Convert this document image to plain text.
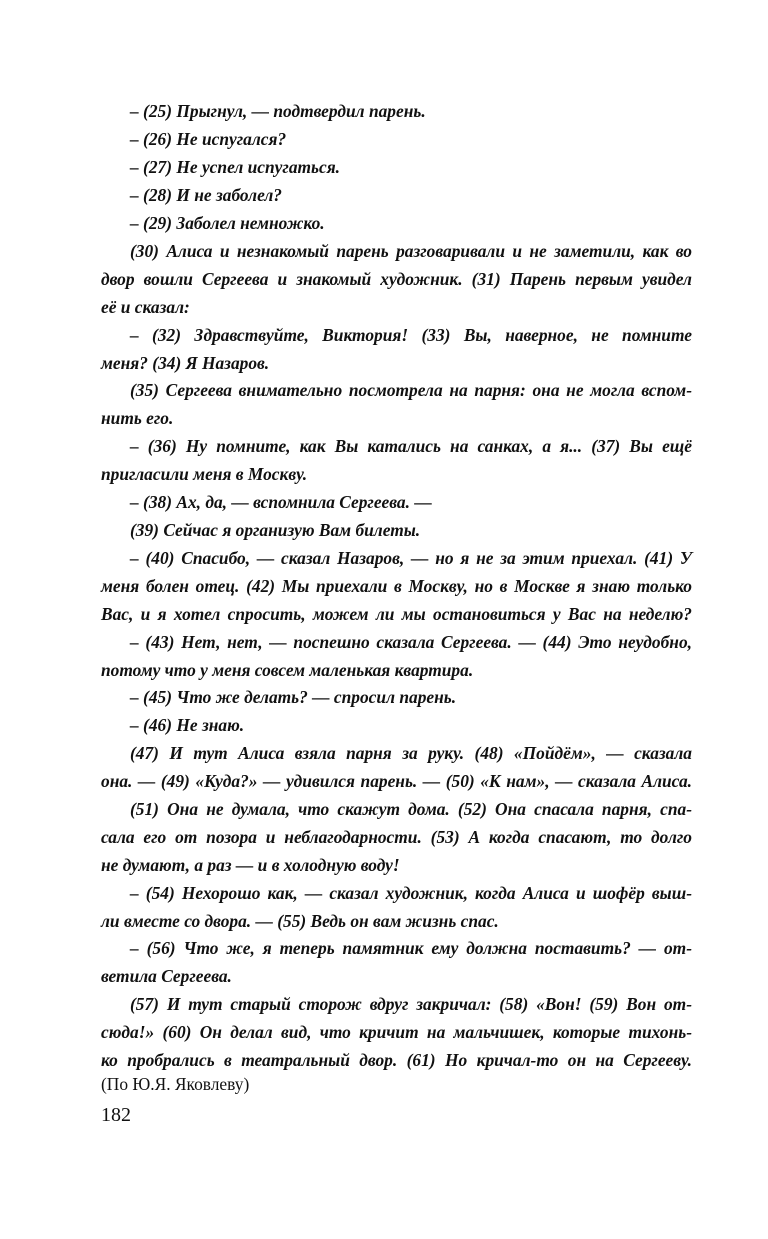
– (25) Прыгнул, — подтвердил парень.
– (26) Не испугался?
– (27) Не успел испугаться.
– (28) И не заболел?
– (29) Заболел немножко.
(30) Алиса и незнакомый парень разговаривали и не заметили, как во
двор вошли Сергеева и знакомый художник. (31) Парень первым увидел
её и сказал:
– (32) Здравствуйте, Виктория! (33) Вы, наверное, не помните
меня? (34) Я Назаров.
(35) Сергеева внимательно посмотрела на парня: она не могла вспом-
нить его.
– (36) Ну помните, как Вы катались на санках, а я... (37) Вы ещё
пригласили меня в Москву.
– (38) Ах, да, — вспомнила Сергеева. —
(39) Сейчас я организую Вам билеты.
– (40) Спасибо, — сказал Назаров, — но я не за этим приехал. (41) У
меня болен отец. (42) Мы приехали в Москву, но в Москве я знаю только
Вас, и я хотел спросить, можем ли мы остановиться у Вас на неделю?
– (43) Нет, нет, — поспешно сказала Сергеева. — (44) Это неудобно,
потому что у меня совсем маленькая квартира.
– (45) Что же делать? — спросил парень.
– (46) Не знаю.
(47) И тут Алиса взяла парня за руку. (48) «Пойдём», — сказала
она. — (49) «Куда?» — удивился парень. — (50) «К нам», — сказала Алиса.
(51) Она не думала, что скажут дома. (52) Она спасала парня, спа-
сала его от позора и неблагодарности. (53) А когда спасают, то долго
не думают, а раз — и в холодную воду!
– (54) Нехорошо как, — сказал художник, когда Алиса и шофёр выш-
ли вместе со двора. — (55) Ведь он вам жизнь спас.
– (56) Что же, я теперь памятник ему должна поставить? — от-
ветила Сергеева.
(57) И тут старый сторож вдруг закричал: (58) «Вон! (59) Вон от-
сюда!» (60) Он делал вид, что кричит на мальчишек, которые тихонь-
ко пробрались в театральный двор. (61) Но кричал-то он на Сергееву.
(По Ю.Я. Яковлеву)
182
